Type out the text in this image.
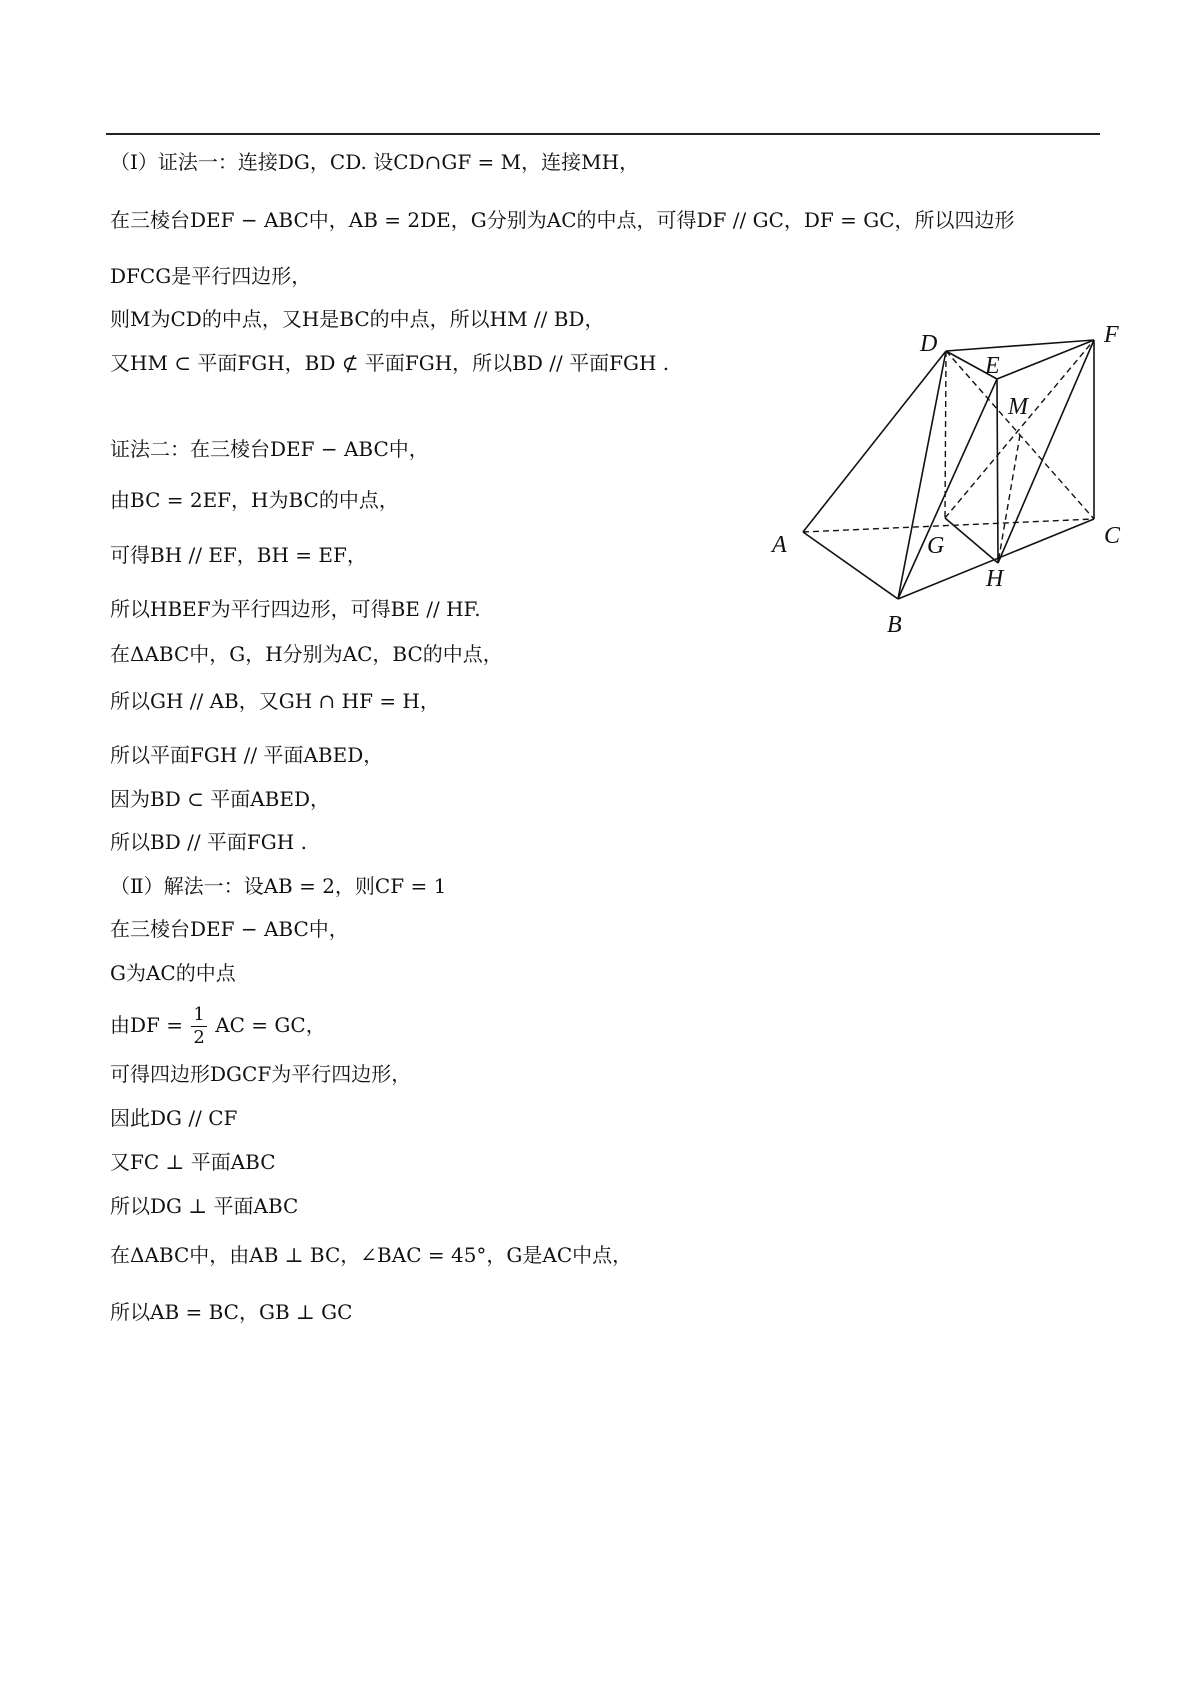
（Ⅰ）证法一：连接DG，CD. 设CD∩GF = M，连接MH，
在三棱台DEF − ABC中，AB = 2DE，G分别为AC的中点，可得DF // GC，DF = GC，所以四边形
DFCG是平行四边形，
则M为CD的中点，又H是BC的中点，所以HM // BD，
又HM ⊂ 平面FGH，BD ⊄ 平面FGH，所以BD // 平面FGH .
证法二：在三棱台DEF − ABC中，
由BC = 2EF，H为BC的中点，
可得BH // EF，BH = EF，
所以HBEF为平行四边形，可得BE // HF.
在ΔABC中，G，H分别为AC，BC的中点，
所以GH // AB，又GH ∩ HF = H，
所以平面FGH // 平面ABED，
因为BD ⊂ 平面ABED，
所以BD // 平面FGH .
（Ⅱ）解法一：设AB = 2，则CF = 1
在三棱台DEF − ABC中，
G为AC的中点
由DF = $\frac{1}{2}$ AC = GC，
可得四边形DGCF为平行四边形，
因此DG // CF
又FC ⊥ 平面ABC
所以DG ⊥ 平面ABC
在ΔABC中，由AB ⊥ BC，∠BAC = 45°，G是AC中点，
所以AB = BC，GB ⊥ GC
A
B
C
D
E
F
G
H
M
